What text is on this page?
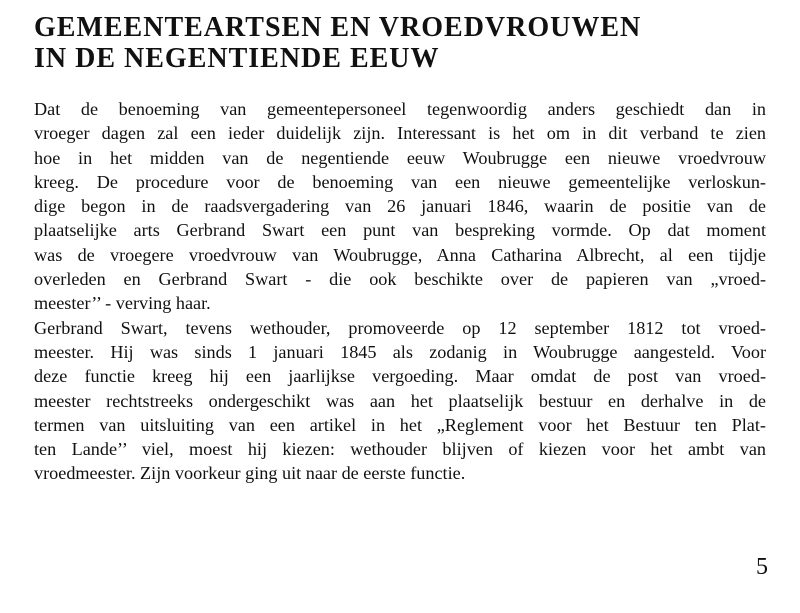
GEMEENTEARTSEN EN VROEDVROUWEN
IN DE NEGENTIENDE EEUW
Dat de benoeming van gemeentepersoneel tegenwoordig anders geschiedt dan in
vroeger dagen zal een ieder duidelijk zijn. Interessant is het om in dit verband te zien
hoe in het midden van de negentiende eeuw Woubrugge een nieuwe vroedvrouw
kreeg. De procedure voor de benoeming van een nieuwe gemeentelijke verloskun-
dige begon in de raadsvergadering van 26 januari 1846, waarin de positie van de
plaatselijke arts Gerbrand Swart een punt van bespreking vormde. Op dat moment
was de vroegere vroedvrouw van Woubrugge, Anna Catharina Albrecht, al een tijdje
overleden en Gerbrand Swart - die ook beschikte over de papieren van „vroed-
meester’’ - verving haar.
Gerbrand Swart, tevens wethouder, promoveerde op 12 september 1812 tot vroed-
meester. Hij was sinds 1 januari 1845 als zodanig in Woubrugge aangesteld. Voor
deze functie kreeg hij een jaarlijkse vergoeding. Maar omdat de post van vroed-
meester rechtstreeks ondergeschikt was aan het plaatselijk bestuur en derhalve in de
termen van uitsluiting van een artikel in het „Reglement voor het Bestuur ten Plat-
ten Lande’’ viel, moest hij kiezen: wethouder blijven of kiezen voor het ambt van
vroedmeester. Zijn voorkeur ging uit naar de eerste functie.
5
